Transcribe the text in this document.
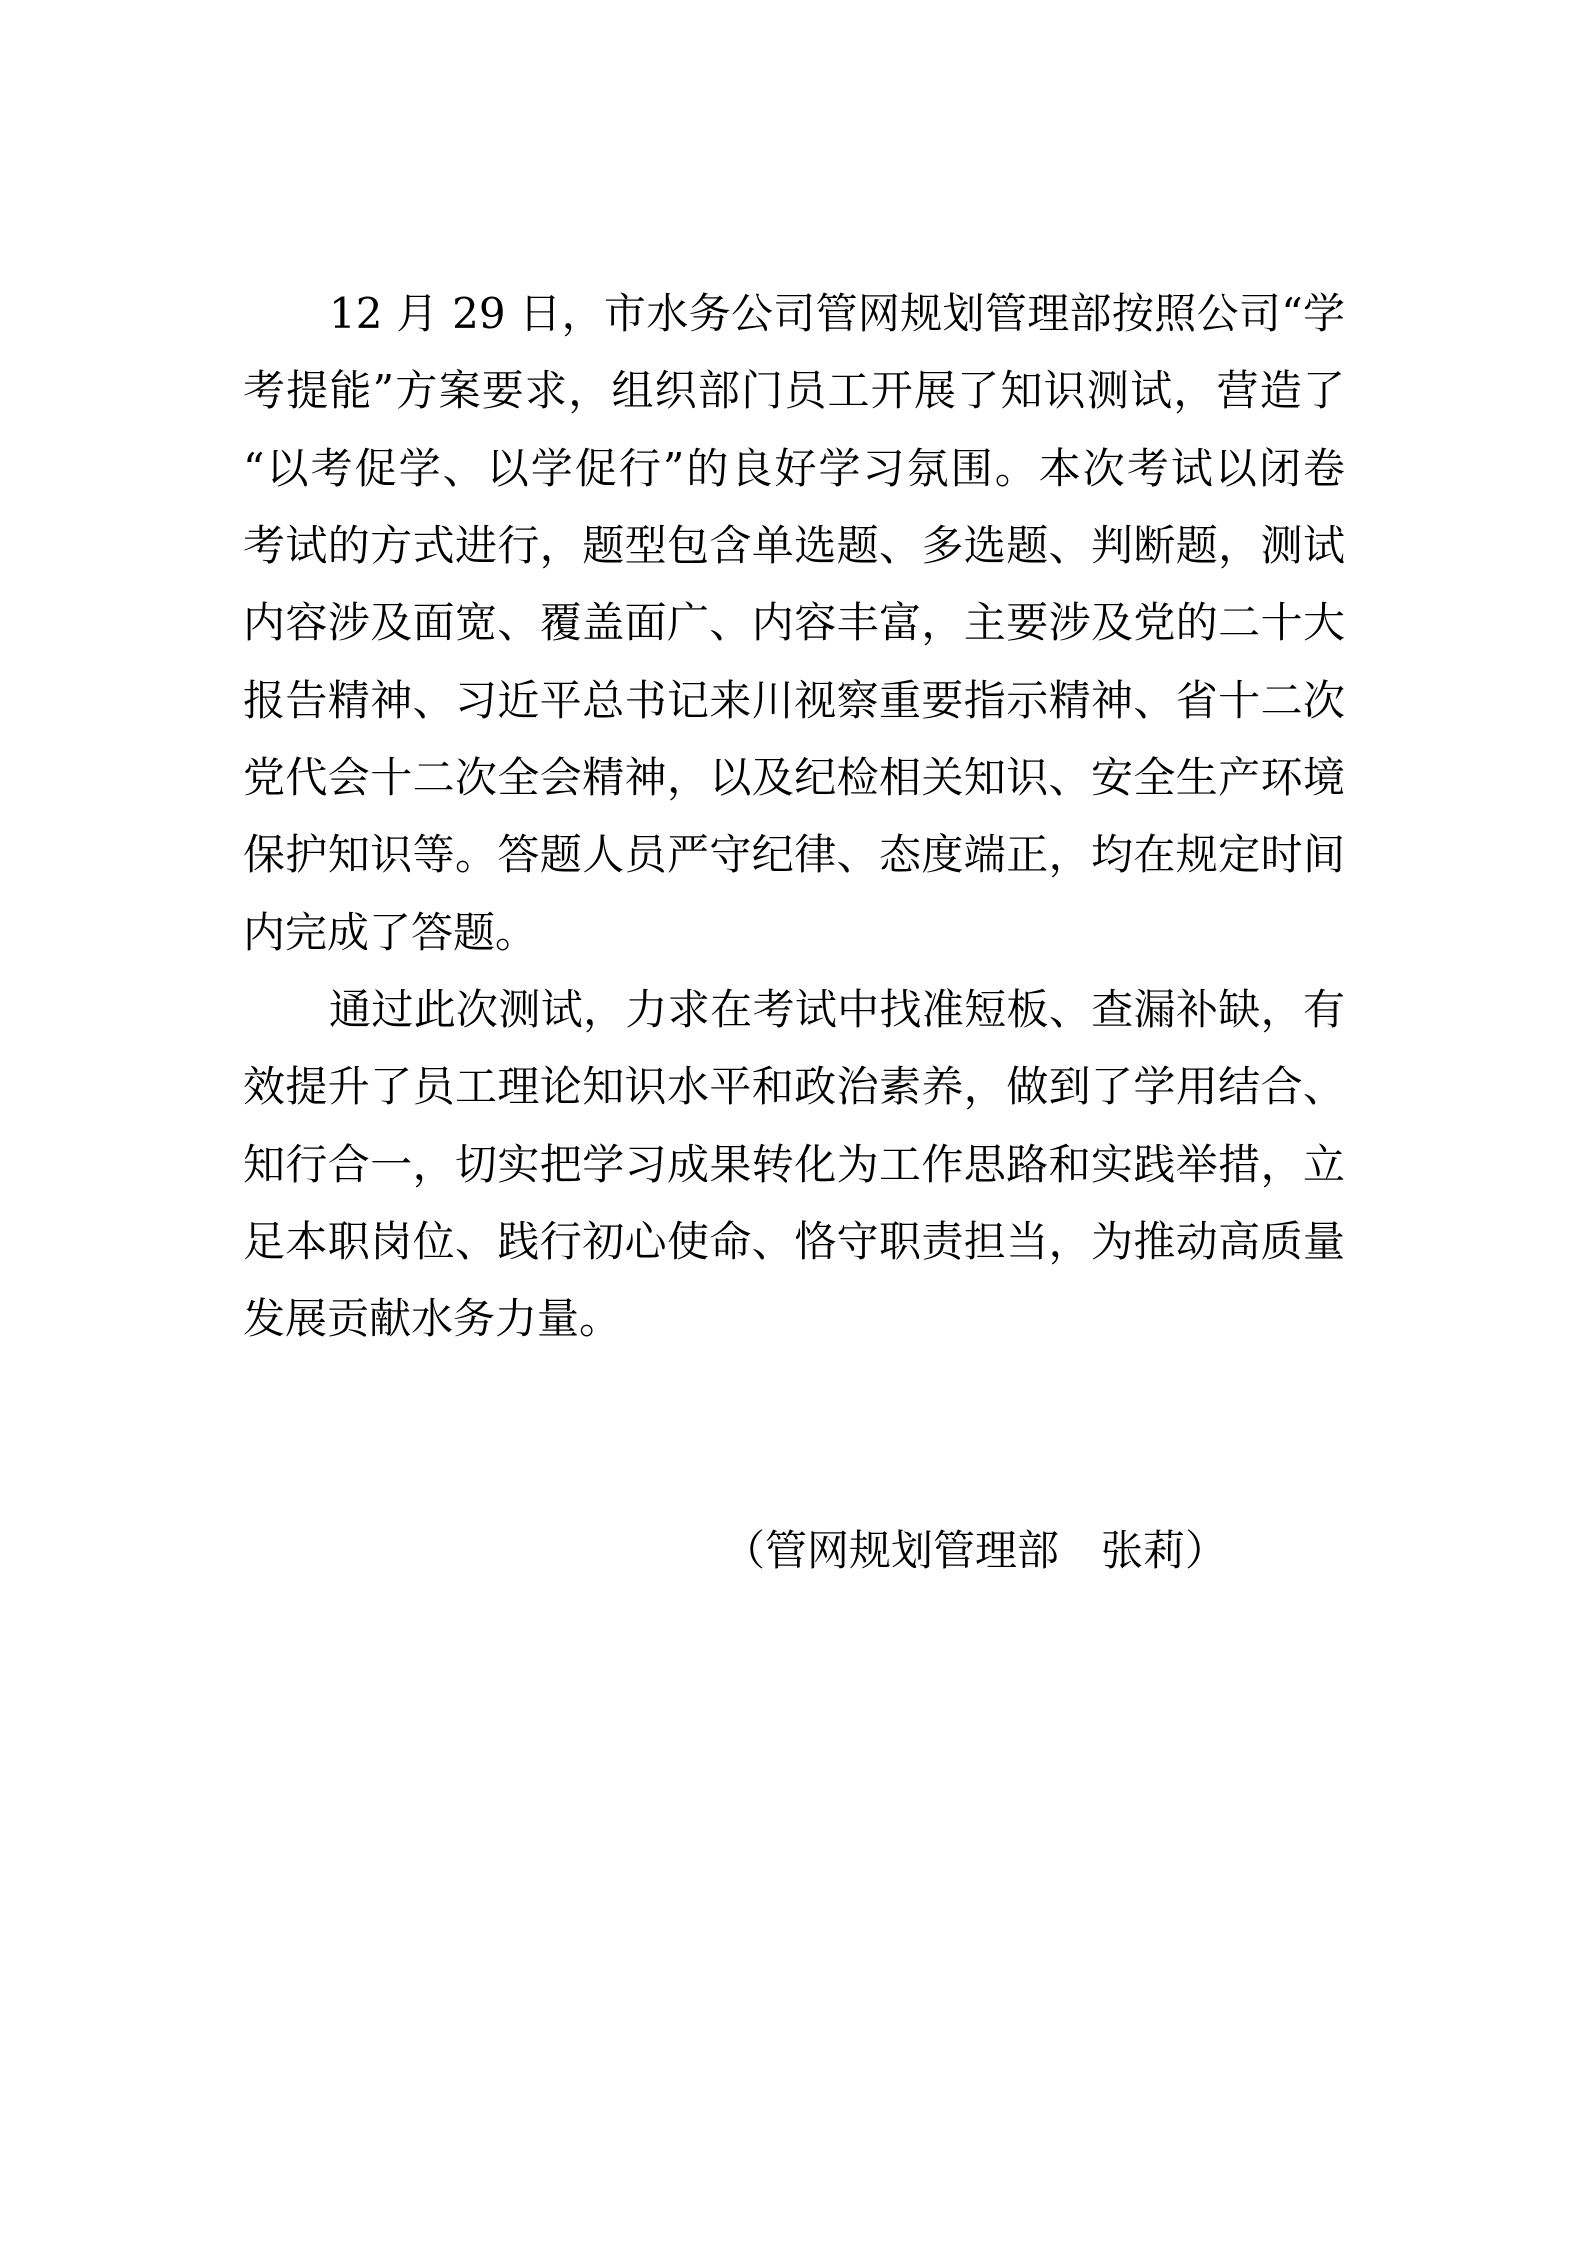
12 月 29 日，市水务公司管网规划管理部按照公司“学
考提能”方案要求，组织部门员工开展了知识测试，营造了
“以考促学、以学促行”的良好学习氛围。本次考试以闭卷
考试的方式进行，题型包含单选题、多选题、判断题，测试
内容涉及面宽、覆盖面广、内容丰富，主要涉及党的二十大
报告精神、习近平总书记来川视察重要指示精神、省十二次
党代会十二次全会精神，以及纪检相关知识、安全生产环境
保护知识等。答题人员严守纪律、态度端正，均在规定时间
内完成了答题。
通过此次测试，力求在考试中找准短板、查漏补缺，有
效提升了员工理论知识水平和政治素养，做到了学用结合、
知行合一，切实把学习成果转化为工作思路和实践举措，立
足本职岗位、践行初心使命、恪守职责担当，为推动高质量
发展贡献水务力量。
（管网规划管理部　张莉）
